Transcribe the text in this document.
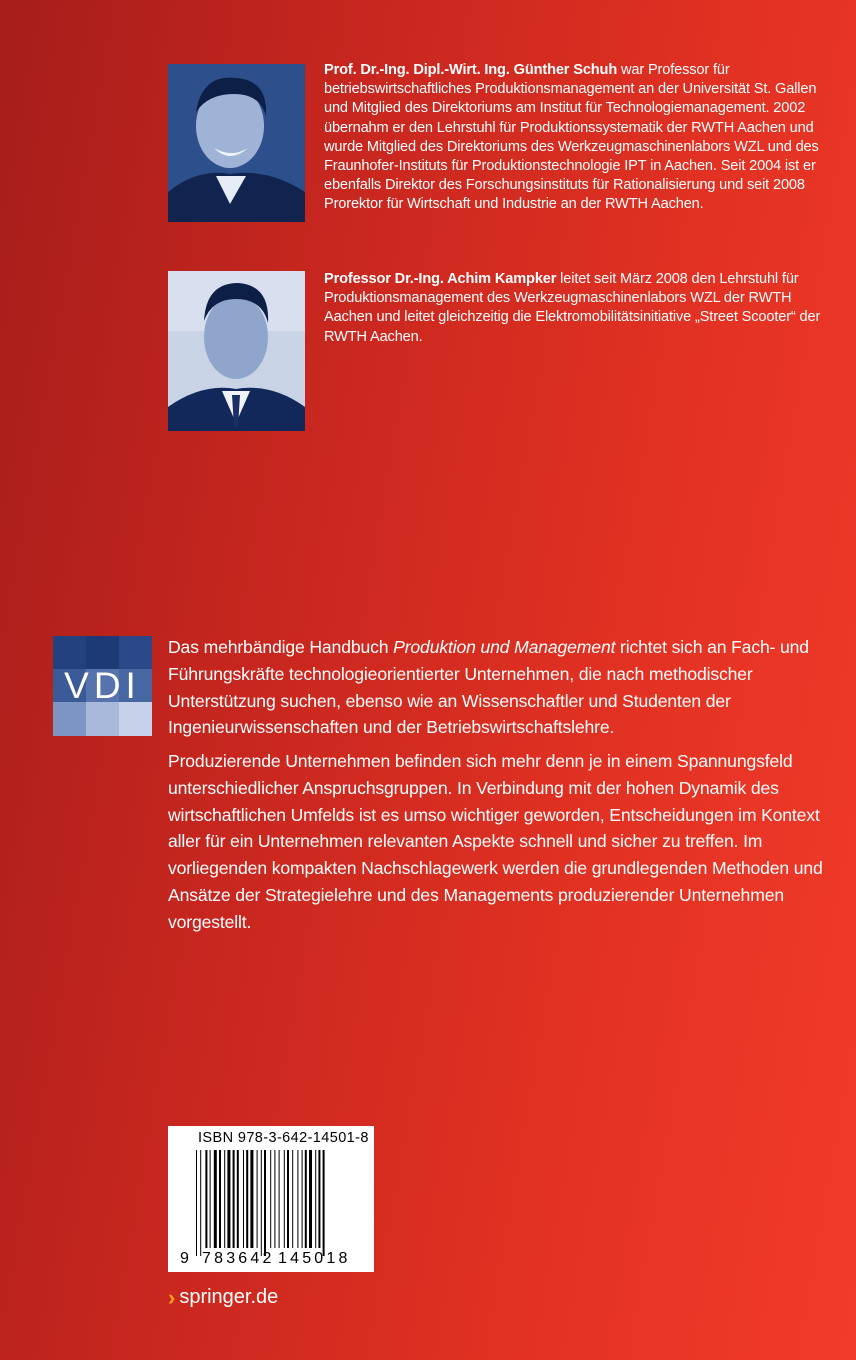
Prof. Dr.-Ing. Dipl.-Wirt. Ing. Günther Schuh war Professor für betriebswirtschaftliches Produktionsmanagement an der Universität St. Gallen und Mitglied des Direktoriums am Institut für Technologiemanagement. 2002 übernahm er den Lehrstuhl für Produktionssystematik der RWTH Aachen und wurde Mitglied des Direktoriums des Werkzeugmaschinenlabors WZL und des Fraunhofer-Instituts für Produktionstechnologie IPT in Aachen. Seit 2004 ist er ebenfalls Direktor des Forschungsinstituts für Rationalisierung und seit 2008 Prorektor für Wirtschaft und Industrie an der RWTH Aachen.
Professor Dr.-Ing. Achim Kampker leitet seit März 2008 den Lehrstuhl für Produktionsmanagement des Werkzeugmaschinenlabors WZL der RWTH Aachen und leitet gleichzeitig die Elektromobilitätsinitiative „Street Scooter“ der RWTH Aachen.
VDI
Das mehrbändige Handbuch Produktion und Management richtet sich an Fach- und Führungskräfte technologieorientierter Unternehmen, die nach methodischer Unterstützung suchen, ebenso wie an Wissenschaftler und Studenten der Ingenieurwissenschaften und der Betriebswirtschaftslehre.
Produzierende Unternehmen befinden sich mehr denn je in einem Spannungsfeld unterschiedlicher Anspruchsgruppen. In Verbindung mit der hohen Dynamik des wirtschaftlichen Umfelds ist es umso wichtiger geworden, Entscheidungen im Kontext aller für ein Unternehmen relevanten Aspekte schnell und sicher zu treffen. Im vorliegenden kompakten Nachschlagewerk werden die grundlegenden Methoden und Ansätze der Strategielehre und des Managements produzierender Unternehmen vorgestellt.
ISBN 978-3-642-14501-8
9 783642 145018
› springer.de
